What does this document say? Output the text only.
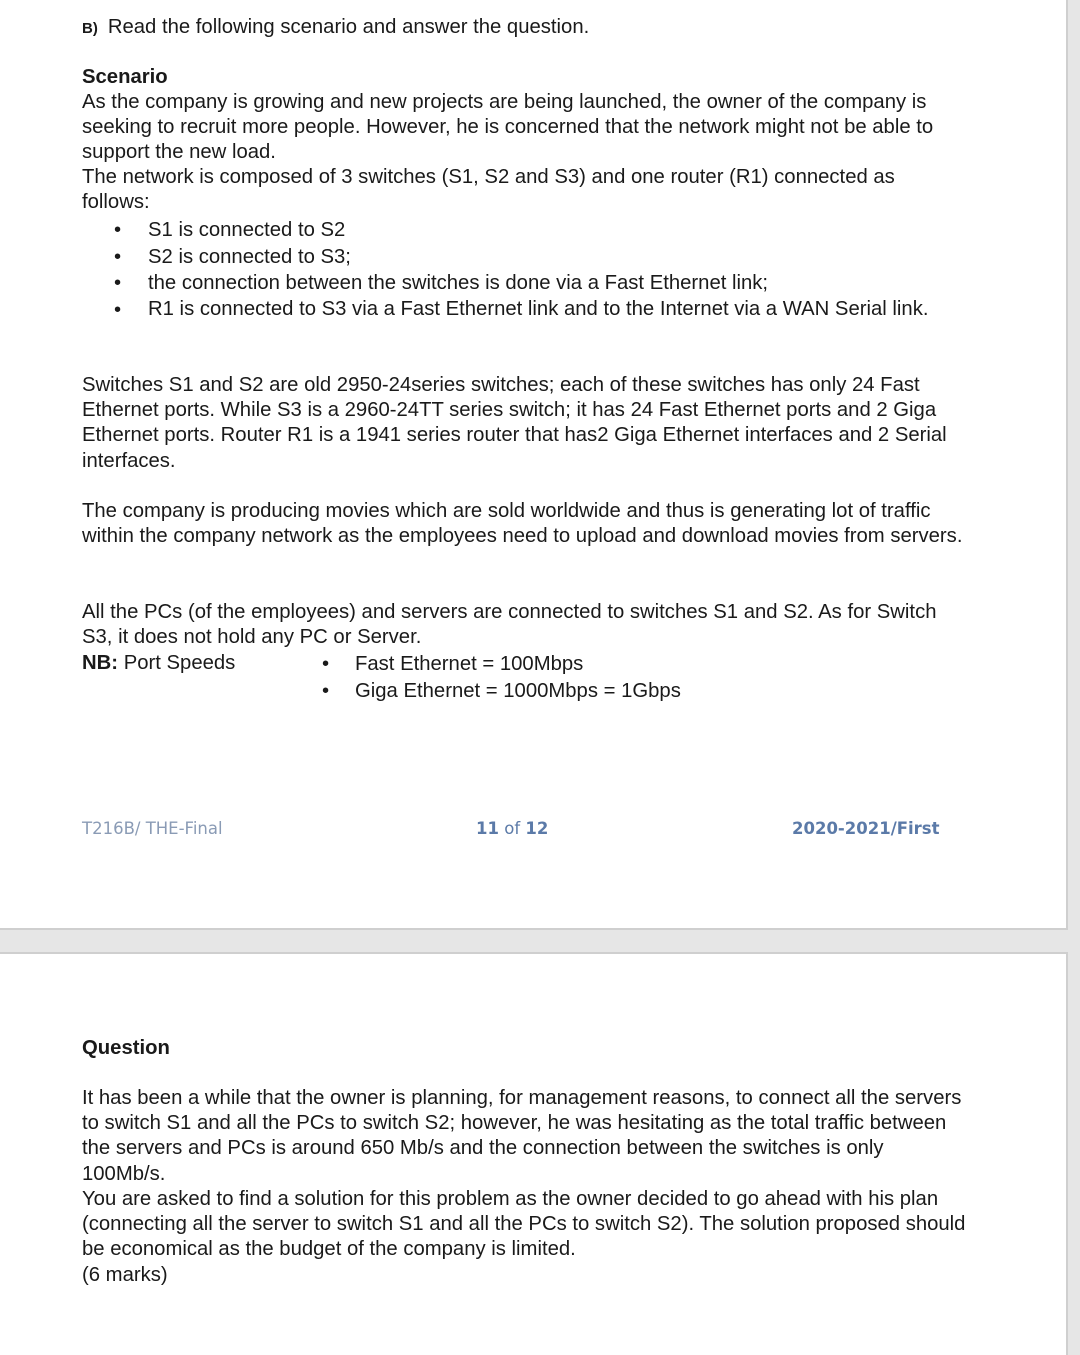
B) Read the following scenario and answer the question.

Scenario

As the company is growing and new projects are being launched, the owner of the company is seeking to recruit more people. However, he is concerned that the network might not be able to support the new load.

The network is composed of 3 switches (S1, S2 and S3) and one router (R1) connected as follows:

• S1 is connected to S2
• S2 is connected to S3;
• the connection between the switches is done via a Fast Ethernet link;
• R1 is connected to S3 via a Fast Ethernet link and to the Internet via a WAN Serial link.

Switches S1 and S2 are old 2950-24series switches; each of these switches has only 24 Fast Ethernet ports. While S3 is a 2960-24TT series switch; it has 24 Fast Ethernet ports and 2 Giga Ethernet ports. Router R1 is a 1941 series router that has2 Giga Ethernet interfaces and 2 Serial interfaces.

The company is producing movies which are sold worldwide and thus is generating lot of traffic within the company network as the employees need to upload and download movies from servers.

All the PCs (of the employees) and servers are connected to switches S1 and S2. As for Switch S3, it does not hold any PC or Server.

NB: Port Speeds	• Fast Ethernet = 100Mbps
• Giga Ethernet = 1000Mbps = 1Gbps
T216B/ THE-Final	11 of 12	2020-2021/First

Question

It has been a while that the owner is planning, for management reasons, to connect all the servers to switch S1 and all the PCs to switch S2; however, he was hesitating as the total traffic between the servers and PCs is around 650 Mb/s and the connection between the switches is only 100Mb/s.

You are asked to find a solution for this problem as the owner decided to go ahead with his plan (connecting all the server to switch S1 and all the PCs to switch S2). The solution proposed should be economical as the budget of the company is limited.

(6 marks)
